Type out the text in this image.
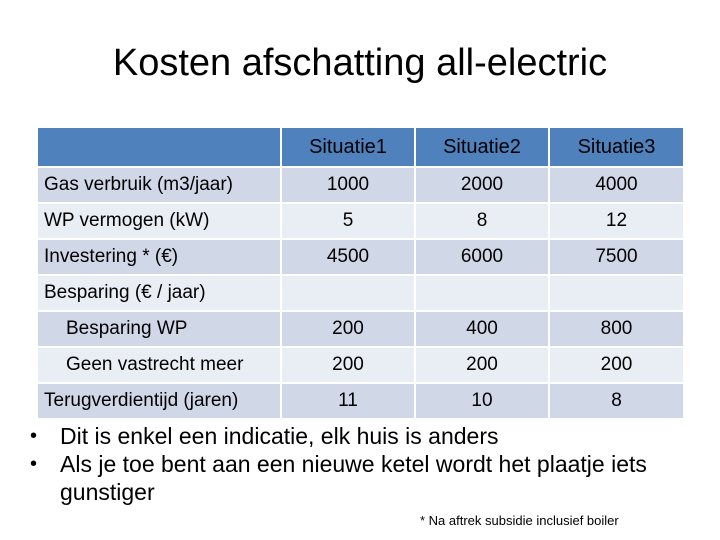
Kosten afschatting all-electric
	Situatie1	Situatie2	Situatie3
Gas verbruik (m3/jaar)	1000	2000	4000
WP vermogen (kW)	5	8	12
Investering * (€)	4500	6000	7500
Besparing (€ / jaar)			
Besparing WP	200	400	800
Geen vastrecht meer	200	200	200
Terugverdientijd (jaren)	11	10	8
• Dit is enkel een indicatie, elk huis is anders
• Als je toe bent aan een nieuwe ketel wordt het plaatje iets gunstiger
* Na aftrek subsidie inclusief boiler
